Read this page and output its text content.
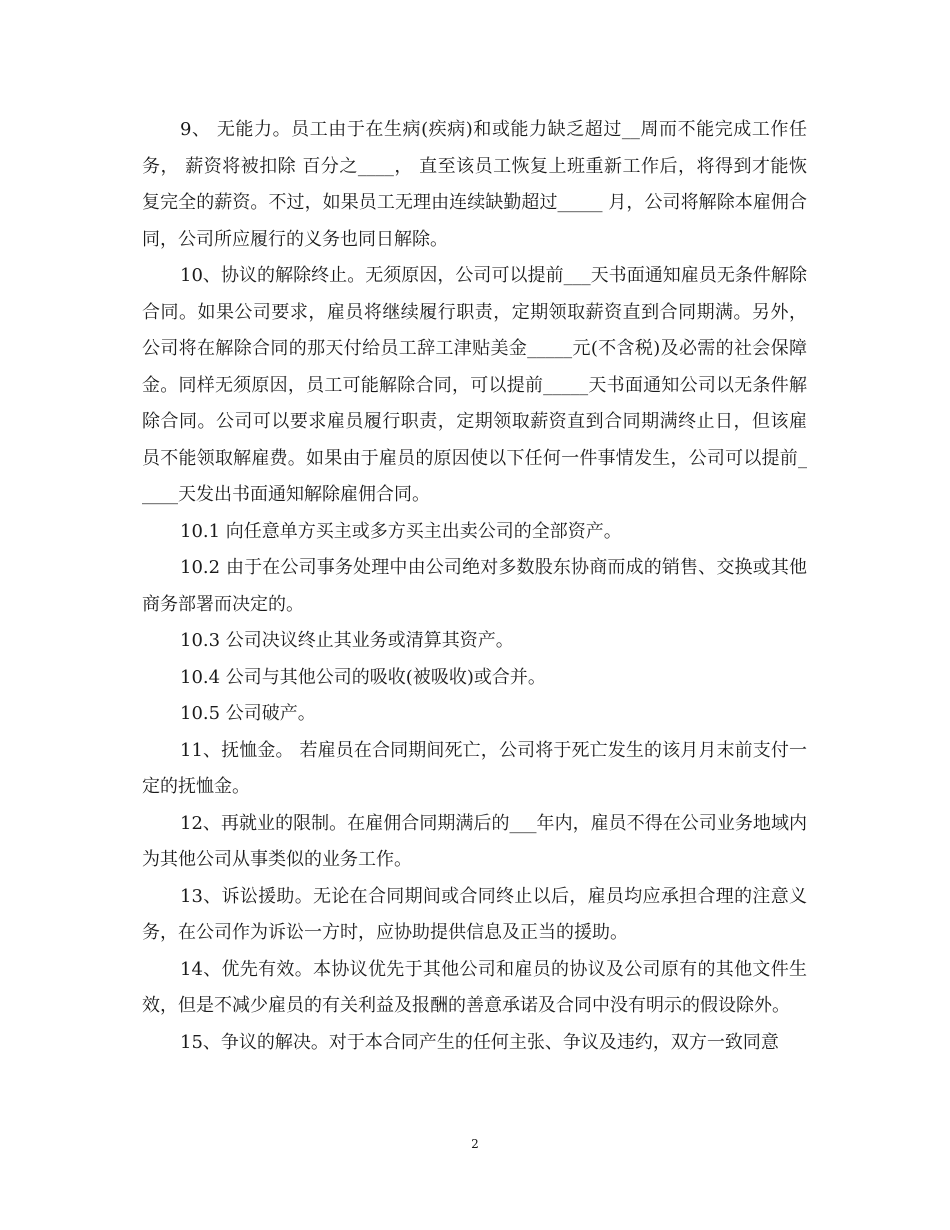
9、 无能力。员工由于在生病(疾病)和或能力缺乏超过__周而不能完成工作任务， 薪资将被扣除 百分之____， 直至该员工恢复上班重新工作后，将得到才能恢复完全的薪资。不过，如果员工无理由连续缺勤超过_____ 月，公司将解除本雇佣合同，公司所应履行的义务也同日解除。

10、协议的解除终止。无须原因，公司可以提前___天书面通知雇员无条件解除合同。如果公司要求，雇员将继续履行职责，定期领取薪资直到合同期满。另外，公司将在解除合同的那天付给员工辞工津贴美金_____元(不含税)及必需的社会保障金。同样无须原因，员工可能解除合同，可以提前_____天书面通知公司以无条件解除合同。公司可以要求雇员履行职责，定期领取薪资直到合同期满终止日，但该雇员不能领取解雇费。如果由于雇员的原因使以下任何一件事情发生，公司可以提前_____天发出书面通知解除雇佣合同。

10.1 向任意单方买主或多方买主出卖公司的全部资产。

10.2 由于在公司事务处理中由公司绝对多数股东协商而成的销售、交换或其他商务部署而决定的。

10.3 公司决议终止其业务或清算其资产。

10.4 公司与其他公司的吸收(被吸收)或合并。

10.5 公司破产。

11、抚恤金。 若雇员在合同期间死亡，公司将于死亡发生的该月月末前支付一定的抚恤金。

12、再就业的限制。在雇佣合同期满后的___年内，雇员不得在公司业务地域内为其他公司从事类似的业务工作。

13、诉讼援助。无论在合同期间或合同终止以后，雇员均应承担合理的注意义务，在公司作为诉讼一方时，应协助提供信息及正当的援助。

14、优先有效。本协议优先于其他公司和雇员的协议及公司原有的其他文件生效，但是不减少雇员的有关利益及报酬的善意承诺及合同中没有明示的假设除外。

15、争议的解决。对于本合同产生的任何主张、争议及违约，双方一致同意

2
